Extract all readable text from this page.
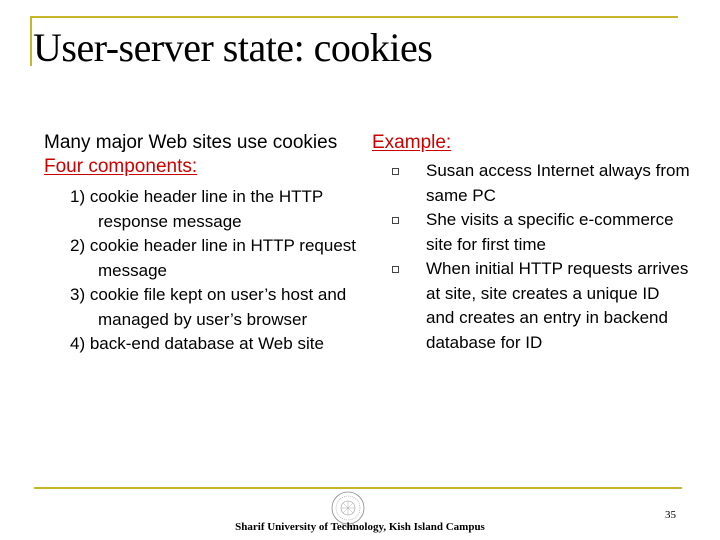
User-server state: cookies
Many major Web sites use cookies
Four components:
1) cookie header line in the HTTP response message
2) cookie header line in HTTP request message
3) cookie file kept on user’s host and managed by user’s browser
4) back-end database at Web site
Example:
Susan access Internet always from same PC
She visits a specific e-commerce site for first time
When initial HTTP requests arrives at site, site creates a unique ID and creates an entry in backend database for ID
Sharif University of Technology, Kish Island Campus
35
